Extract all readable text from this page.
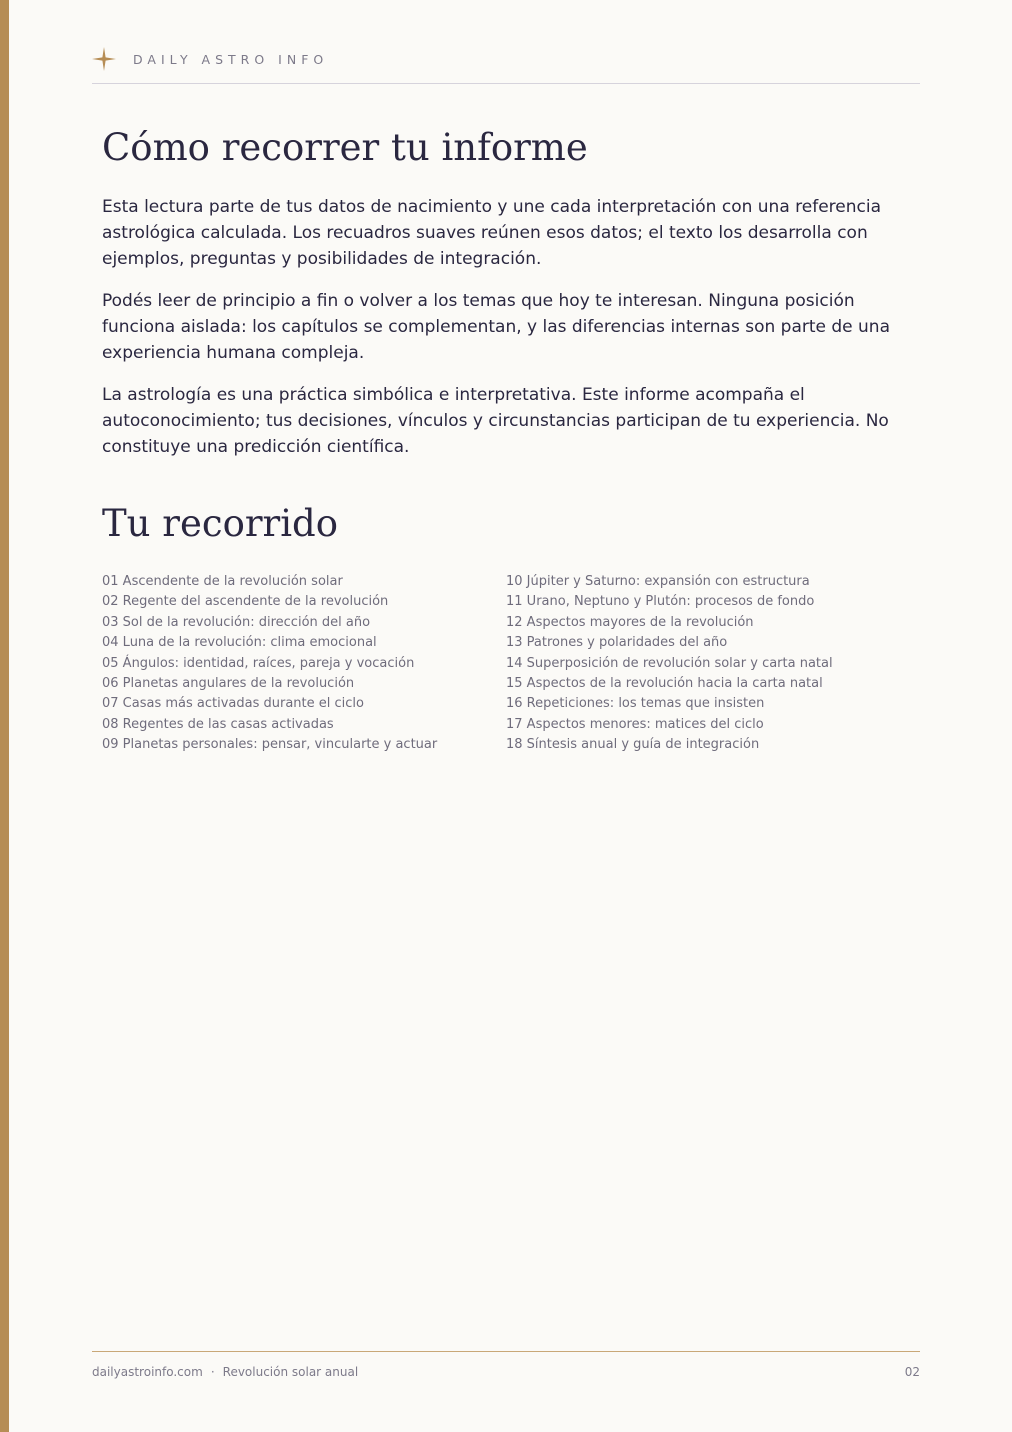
DAILY ASTRO INFO
Cómo recorrer tu informe

Esta lectura parte de tus datos de nacimiento y une cada interpretación con una referencia astrológica calculada. Los recuadros suaves reúnen esos datos; el texto los desarrolla con ejemplos, preguntas y posibilidades de integración.

Podés leer de principio a fin o volver a los temas que hoy te interesan. Ninguna posición funciona aislada: los capítulos se complementan, y las diferencias internas son parte de una experiencia humana compleja.

La astrología es una práctica simbólica e interpretativa. Este informe acompaña el autoconocimiento; tus decisiones, vínculos y circunstancias participan de tu experiencia. No constituye una predicción científica.

Tu recorrido
01 Ascendente de la revolución solar
02 Regente del ascendente de la revolución
03 Sol de la revolución: dirección del año
04 Luna de la revolución: clima emocional
05 Ángulos: identidad, raíces, pareja y vocación
06 Planetas angulares de la revolución
07 Casas más activadas durante el ciclo
08 Regentes de las casas activadas
09 Planetas personales: pensar, vincularte y actuar
10 Júpiter y Saturno: expansión con estructura
11 Urano, Neptuno y Plutón: procesos de fondo
12 Aspectos mayores de la revolución
13 Patrones y polaridades del año
14 Superposición de revolución solar y carta natal
15 Aspectos de la revolución hacia la carta natal
16 Repeticiones: los temas que insisten
17 Aspectos menores: matices del ciclo
18 Síntesis anual y guía de integración
dailyastroinfo.com · Revolución solar anual	02
